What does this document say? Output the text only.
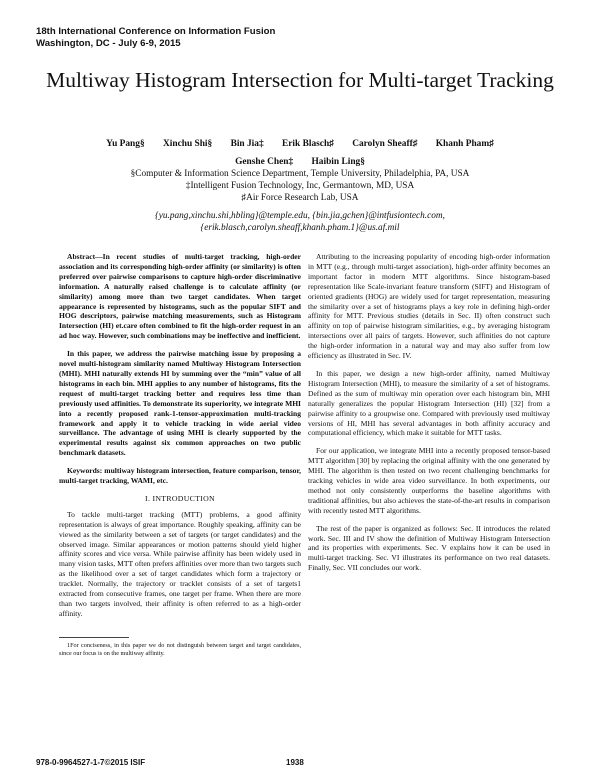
18th International Conference on Information Fusion
Washington, DC - July 6-9, 2015
Multiway Histogram Intersection for Multi-target Tracking
Yu Pang§ Xinchu Shi§ Bin Jia‡ Erik Blasch♯ Carolyn Sheaff♯ Khanh Pham♯
Genshe Chen‡ Haibin Ling§
§Computer & Information Science Department, Temple University, Philadelphia, PA, USA
‡Intelligent Fusion Technology, Inc, Germantown, MD, USA
♯Air Force Research Lab, USA
{yu.pang,xinchu.shi,hbling}@temple.edu, {bin.jia,gchen}@intfusiontech.com,
{erik.blasch,carolyn.sheaff,khanh.pham.1}@us.af.mil

Abstract—In recent studies of multi-target tracking, high-order association and its corresponding high-order affinity (or similarity) is often preferred over pairwise comparisons to capture high-order discriminative information. A naturally raised challenge is to calculate affinity (or similarity) among more than two target candidates. When target appearance is represented by histograms, such as the popular SIFT and HOG descriptors, pairwise matching measurements, such as Histogram Intersection (HI) et.care often combined to fit the high-order request in an ad hoc way. However, such combinations may be ineffective and inefficient.

In this paper, we address the pairwise matching issue by proposing a novel multi-histogram similarity named Multiway Histogram Intersection (MHI). MHI naturally extends HI by summing over the “min” value of all histograms in each bin. MHI applies to any number of histograms, fits the request of multi-target tracking better and requires less time than previously used affinities. To demonstrate its superiority, we integrate MHI into a recently proposed rank-1-tensor-approximation multi-tracking framework and apply it to vehicle tracking in wide aerial video surveillance. The advantage of using MHI is clearly supported by the experimental results against six common approaches on two public benchmark datasets.

Keywords: multiway histogram intersection, feature comparison, tensor, multi-target tracking, WAMI, etc.

I. INTRODUCTION

To tackle multi-target tracking (MTT) problems, a good affinity representation is always of great importance. Roughly speaking, affinity can be viewed as the similarity between a set of targets (or target candidates) and the observed image. Similar appearances or motion patterns should yield higher affinity scores and vice versa. While pairwise affinity has been widely used in many vision tasks, MTT often prefers affinities over more than two targets such as the likelihood over a set of target candidates which form a trajectory or tracklet. Normally, the trajectory or tracklet consists of a set of targets1 extracted from consecutive frames, one target per frame. When there are more than two targets involved, their affinity is often referred to as a high-order affinity.

1For conciseness, in this paper we do not distinguish between target and target candidates, since our focus is on the multiway affinity.

Attributing to the increasing popularity of encoding high-order information in MTT (e.g., through multi-target association), high-order affinity becomes an important factor in modern MTT algorithms. Since histogram-based representation like Scale-invariant feature transform (SIFT) and Histogram of oriented gradients (HOG) are widely used for target representation, measuring the similarity over a set of histograms plays a key role in defining high-order affinity for MTT. Previous studies (details in Sec. II) often construct such affinity on top of pairwise histogram similarities, e.g., by averaging histogram intersections over all pairs of targets. However, such affinities do not capture the high-order information in a natural way and may also suffer from low efficiency as illustrated in Sec. IV.

In this paper, we design a new high-order affinity, named Multiway Histogram Intersection (MHI), to measure the similarity of a set of histograms. Defined as the sum of multiway min operation over each histogram bin, MHI naturally generalizes the popular Histogram Intersection (HI) [32] from a pairwise affinity to a groupwise one. Compared with previously used multiway versions of HI, MHI has several advantages in both affinity accuracy and computational efficiency, which make it suitable for MTT tasks.

For our application, we integrate MHI into a recently proposed tensor-based MTT algorithm [30] by replacing the original affinity with the one generated by MHI. The algorithm is then tested on two recent challenging benchmarks for tracking vehicles in wide area video surveillance. In both experiments, our method not only consistently outperforms the baseline algorithms with traditional affinities, but also achieves the state-of-the-art results in comparison with recently tested MTT algorithms.

The rest of the paper is organized as follows: Sec. II introduces the related work. Sec. III and IV show the definition of Multiway Histogram Intersection and its properties with experiments. Sec. V explains how it can be used in multi-target tracking. Sec. VI illustrates its performance on two real datasets. Finally, Sec. VII concludes our work.

978-0-9964527-1-7©2015 ISIF	1938
